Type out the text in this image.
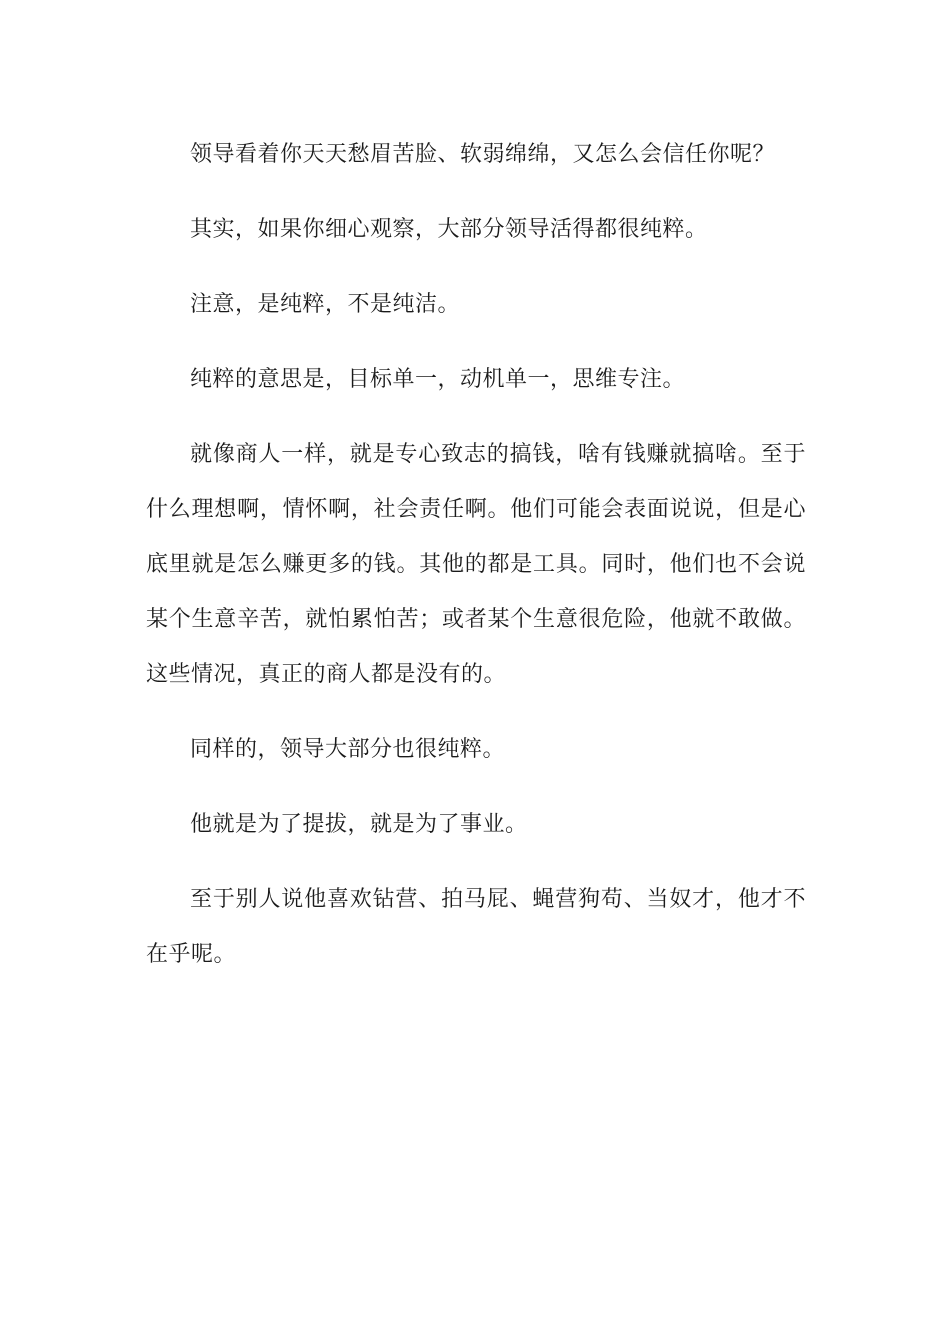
领导看着你天天愁眉苦脸、软弱绵绵，又怎么会信任你呢？

其实，如果你细心观察，大部分领导活得都很纯粹。

注意，是纯粹，不是纯洁。

纯粹的意思是，目标单一，动机单一，思维专注。

就像商人一样，就是专心致志的搞钱，啥有钱赚就搞啥。至于什么理想啊，情怀啊，社会责任啊。他们可能会表面说说，但是心底里就是怎么赚更多的钱。其他的都是工具。同时，他们也不会说某个生意辛苦，就怕累怕苦；或者某个生意很危险，他就不敢做。这些情况，真正的商人都是没有的。

同样的，领导大部分也很纯粹。

他就是为了提拔，就是为了事业。

至于别人说他喜欢钻营、拍马屁、蝇营狗苟、当奴才，他才不在乎呢。
